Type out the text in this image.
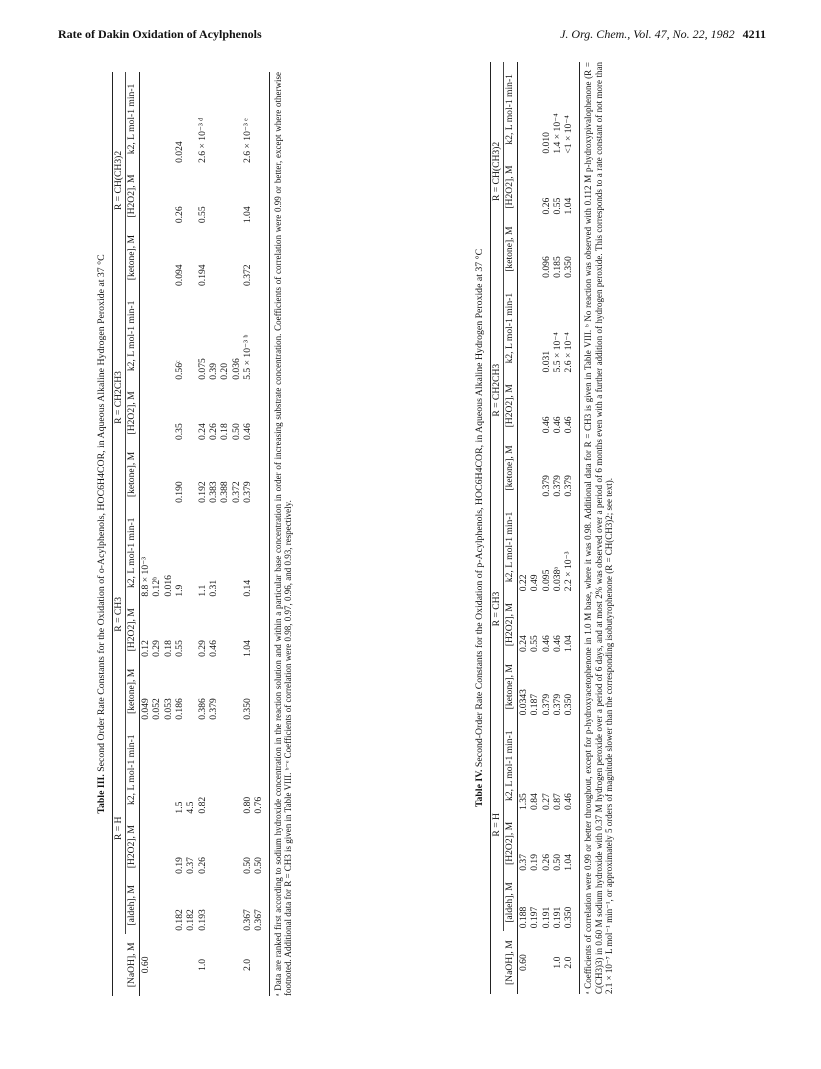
Rate of Dakin Oxidation of Acylphenols	J. Org. Chem., Vol. 47, No. 22, 1982 4211
Table III. Second Order Rate Constants for the Oxidation of o-Acylphenols, HOC6H4COR, in Aqueous Alkaline Hydrogen Peroxide at 37 °C
	R = H			R = CH3			R = CH2CH3			R = CH(CH3)2		
[NaOH], M	[aldeh], M	[H2O2], M	k2, L mol-1 min-1	[ketone], M	[H2O2], M	k2, L mol-1 min-1	[ketone], M	[H2O2], M	k2, L mol-1 min-1	[ketone], M	[H2O2], M	k2, L mol-1 min-1
0.60				0.049	0.12	8.8 × 10⁻³						
				0.052	0.29	0.12ᵇ						
				0.053	0.18	0.016						
	0.182	0.19	1.5	0.186	0.55	1.9	0.190	0.35	0.56ᶜ	0.094	0.26	0.024
	0.182	0.37	4.5									
1.0	0.193	0.26	0.82	0.386	0.29	1.1	0.192	0.24	0.075	0.194	0.55	2.6 × 10⁻³ ᵈ
				0.379	0.46	0.31	0.383	0.26	0.39			
							0.388	0.18	0.20			
							0.372	0.50	0.036			
2.0	0.367	0.50	0.80	0.350	1.04	0.14	0.379	0.46	5.5 × 10⁻³ ᵇ	0.372	1.04	2.6 × 10⁻³ ᵉ
	0.367	0.50	0.76									ᵃ Data are ranked first according to sodium hydroxide concentration in the reaction solution and within a particular base concentration in order of increasing substrate concentration. Coefficients of correlation were 0.99 or better, except where otherwise footnoted. Additional data for R = CH3 is given in Table VIII. ᵇ⁻ᵉ Coefficients of correlation were 0.98, 0.97, 0.96, and 0.93, respectively.	Table IV. Second-Order Rate Constants for the Oxidation of p-Acylphenols, HOC6H4COR, in Aqueous Alkaline Hydrogen Peroxide at 37 °C
	R = H			R = CH3			R = CH2CH3			R = CH(CH3)2		
[NaOH], M	[aldeh], M	[H2O2], M	k2, L mol-1 min-1	[ketone], M	[H2O2], M	k2, L mol-1 min-1	[ketone], M	[H2O2], M	k2, L mol-1 min-1	[ketone], M	[H2O2], M	k2, L mol-1 min-1
0.60	0.188	0.37	1.35	0.0343	0.24	0.22						
	0.197	0.19	0.84	0.187	0.55	0.49						
	0.191	0.26	0.27	0.379	0.46	0.095	0.379	0.46	0.031	0.096	0.26	0.010
1.0	0.191	0.50	0.87	0.379	0.46	0.038ᵃ	0.379	0.46	5.5 × 10⁻⁴	0.185	0.55	1.4 × 10⁻⁴
2.0	0.350	1.04	0.46	0.350	1.04	2.2 × 10⁻³	0.379	0.46	2.6 × 10⁻⁴	0.350	1.04	<1 × 10⁻⁴ ᵃ Coefficients of correlation were 0.99 or better throughout, except for p-hydroxyacetophenone in 1.0 M base, where it was 0.98. Additional data for R = CH3 is given in Table VIII. ᵇ No reaction was observed with 0.112 M p-hydroxypivalophenone (R = C(CH3)3) in 0.60 M sodium hydroxide with 0.37 M hydrogen peroxide over a period of 6 days, and at most 2% was observed over a period of 6 months even with a further addition of hydrogen peroxide. This corresponds to a rate constant of not more than 2.1 × 10⁻⁷ L mol⁻¹ min⁻¹, or approximately 5 orders of magnitude slower than the corresponding isobutyrophenone (R = CH(CH3)2; see text).
